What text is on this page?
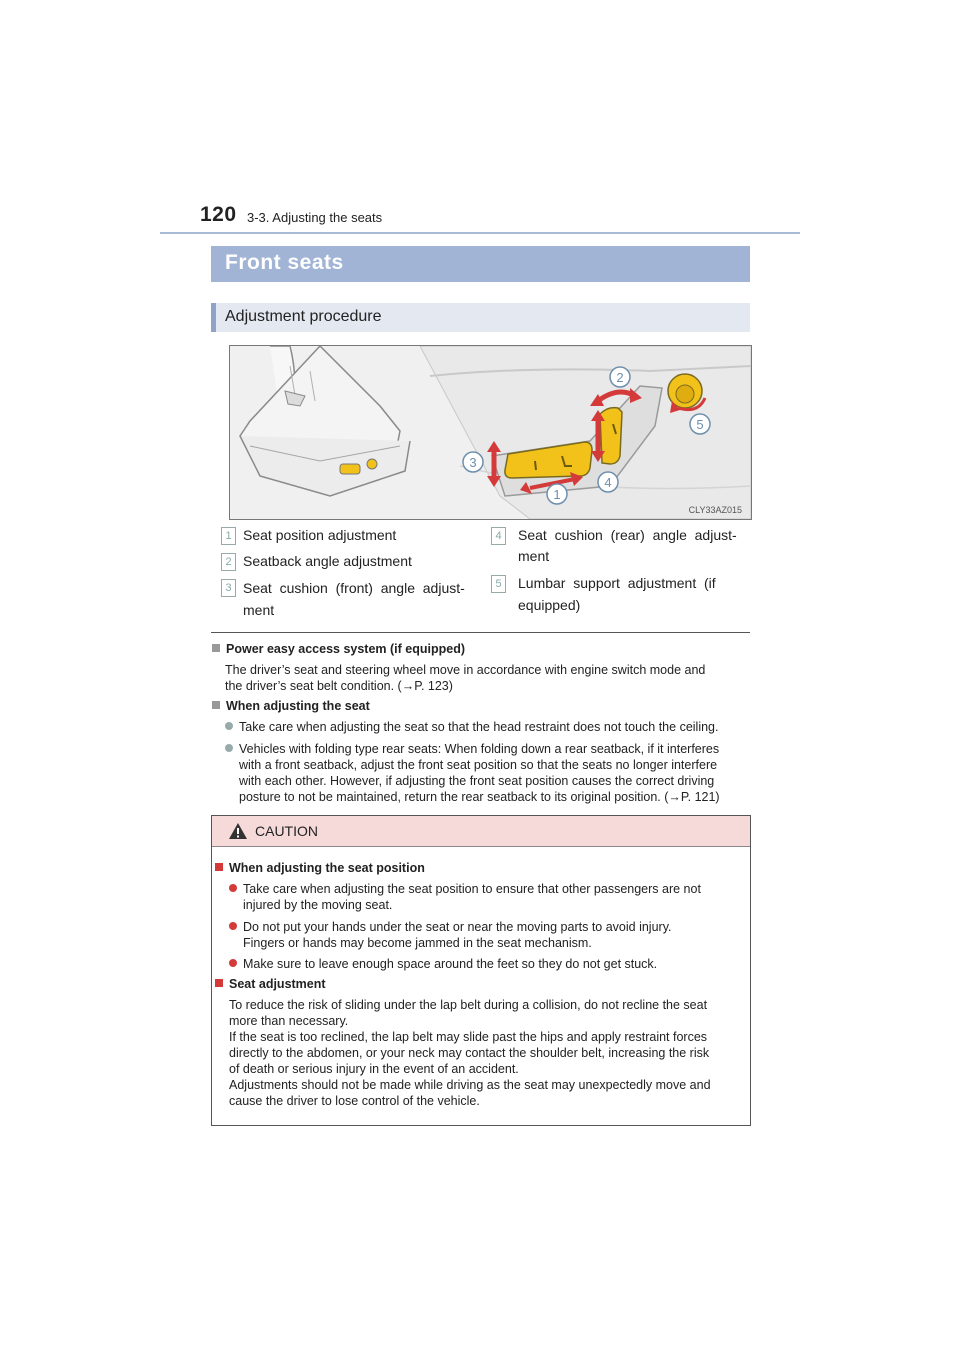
120 3-3. Adjusting the seats
Front seats
Adjustment procedure
2
5
3
4
1
CLY33AZ015
1 Seat position adjustment
2 Seatback angle adjustment
3 Seat  cushion  (front)  angle  adjust-
ment
4	Seat  cushion  (rear)  angle  adjust-
ment
5	Lumbar  support  adjustment  (if
equipped)
Power easy access system (if equipped)
The driver’s seat and steering wheel move in accordance with engine switch mode and
the driver’s seat belt condition. (→P. 123)
When adjusting the seat
Take care when adjusting the seat so that the head restraint does not touch the ceiling.
Vehicles with folding type rear seats: When folding down a rear seatback, if it interferes
with a front seatback, adjust the front seat position so that the seats no longer interfere
with each other. However, if adjusting the front seat position causes the correct driving
posture to not be maintained, return the rear seatback to its original position. (→P. 121)
CAUTION
When adjusting the seat position
Take care when adjusting the seat position to ensure that other passengers are not
injured by the moving seat.
Do not put your hands under the seat or near the moving parts to avoid injury.
Fingers or hands may become jammed in the seat mechanism.
Make sure to leave enough space around the feet so they do not get stuck.
Seat adjustment
To reduce the risk of sliding under the lap belt during a collision, do not recline the seat
more than necessary.
If the seat is too reclined, the lap belt may slide past the hips and apply restraint forces
directly to the abdomen, or your neck may contact the shoulder belt, increasing the risk
of death or serious injury in the event of an accident.
Adjustments should not be made while driving as the seat may unexpectedly move and
cause the driver to lose control of the vehicle.
